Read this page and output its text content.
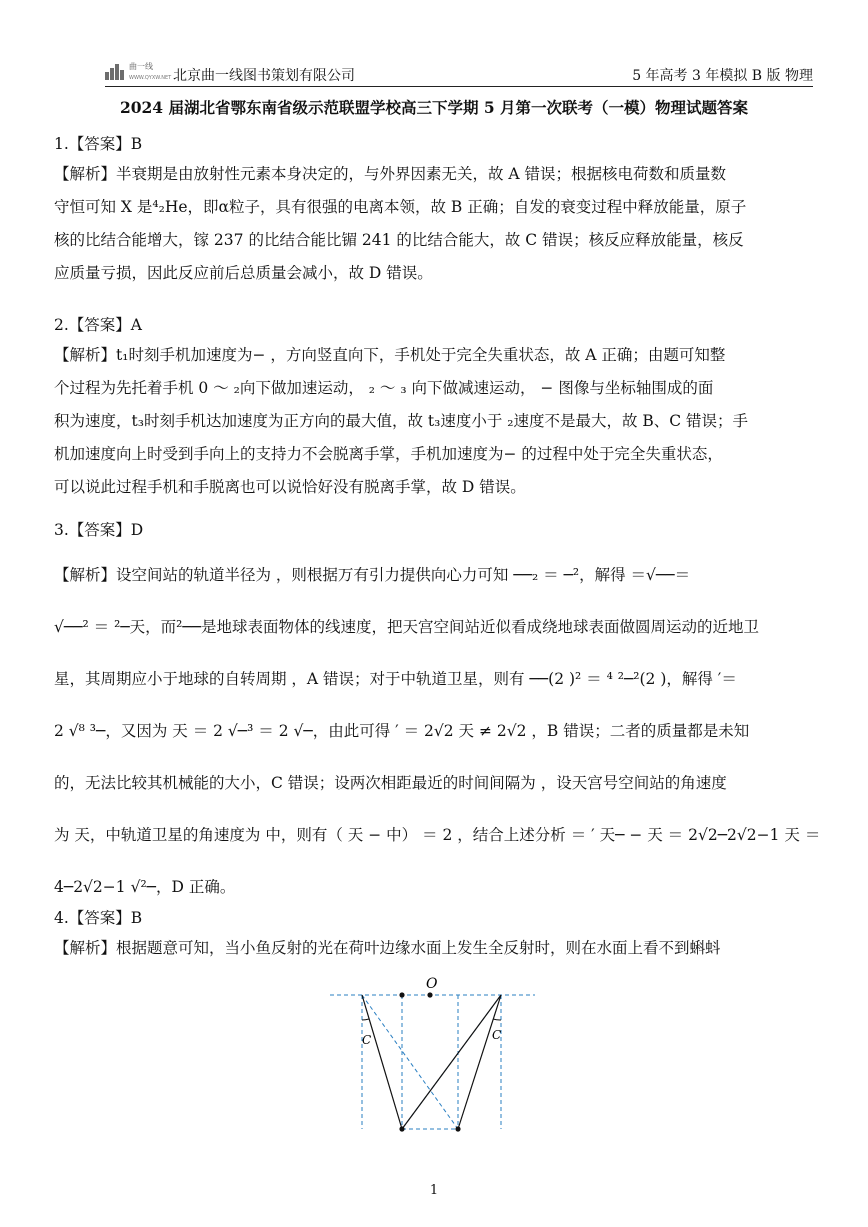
曲一线
WWW.QYXW.NET 北京曲一线图书策划有限公司	5 年高考 3 年模拟 B 版 物理
2024 届湖北省鄂东南省级示范联盟学校高三下学期 5 月第一次联考（一模）物理试题答案
1.【答案】B
【解析】半衰期是由放射性元素本身决定的，与外界因素无关，故 A 错误；根据核电荷数和质量数
守恒可知 X 是⁴₂He，即α粒子，具有很强的电离本领，故 B 正确；自发的衰变过程中释放能量，原子
核的比结合能增大，镓 237 的比结合能比镅 241 的比结合能大，故 C 错误；核反应释放能量，核反
应质量亏损，因此反应前后总质量会减小，故 D 错误。
2.【答案】A
【解析】t₁时刻手机加速度为− ，方向竖直向下，手机处于完全失重状态，故 A 正确；由题可知整
个过程为先托着手机 0 ～ ₂向下做加速运动， ₂ ～ ₃ 向下做减速运动， − 图像与坐标轴围成的面
积为速度，t₃时刻手机达加速度为正方向的最大值，故 t₃速度小于 ₂速度不是最大，故 B、C 错误；手
机加速度向上时受到手向上的支持力不会脱离手掌，手机加速度为− 的过程中处于完全失重状态，
可以说此过程手机和手脱离也可以说恰好没有脱离手掌，故 D 错误。
3.【答案】D
【解析】设空间站的轨道半径为 ，则根据万有引力提供向心力可知 ──₂ ＝ ─²，解得 ＝√──＝
√──² ＝ ²─天，而²──是地球表面物体的线速度，把天宫空间站近似看成绕地球表面做圆周运动的近地卫
星，其周期应小于地球的自转周期 ，A 错误；对于中轨道卫星，则有 ──(2 )² ＝ ⁴ ²─²(2 )，解得 ′＝
2 √⁸ ³─，又因为 天 ＝ 2 √─³ ＝ 2 √─，由此可得 ′ ＝ 2√2 天 ≠ 2√2 ，B 错误；二者的质量都是未知
的，无法比较其机械能的大小，C 错误；设两次相距最近的时间间隔为 ，设天宫号空间站的角速度
为 天，中轨道卫星的角速度为 中，则有（ 天 − 中） ＝ 2 ，结合上述分析 ＝ ′ 天─ − 天 ＝ 2√2─2√2−1 天 ＝
4─2√2−1 √²─，D 正确。
4.【答案】B
【解析】根据题意可知，当小鱼反射的光在荷叶边缘水面上发生全反射时，则在水面上看不到蝌蚪
O
C	C
1
